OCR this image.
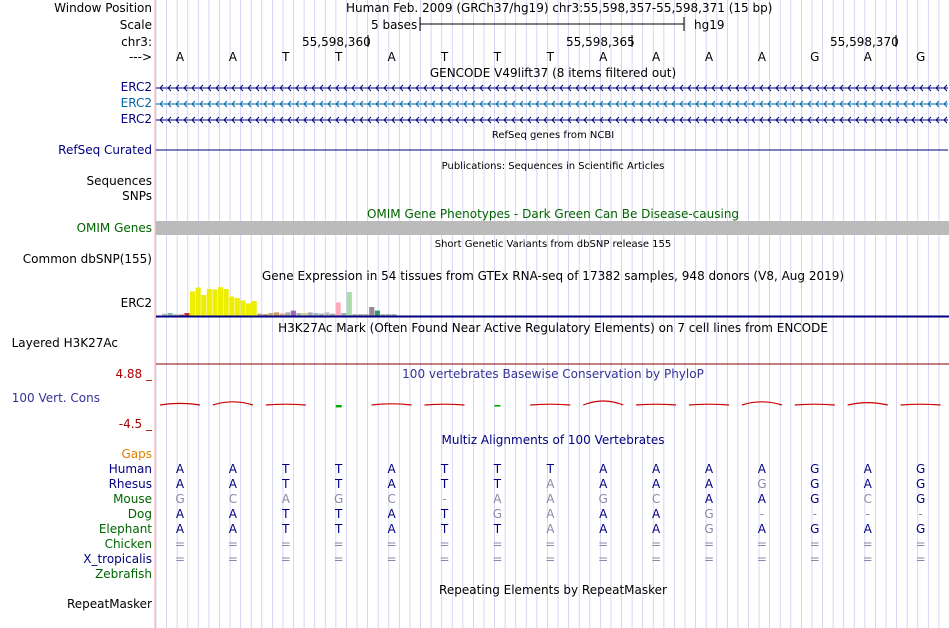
Window Position	Human Feb. 2009 (GRCh37/hg19) chr3:55,598,357-55,598,371 (15 bp)
Scale	5 bases	hg19
chr3:	55,598,360	55,598,365	55,598,370
--->	A	A	T	T	A	T	T	T	A	A	A	A	G	A	G
GENCODE V49lift37 (8 items filtered out)
ERC2
ERC2
ERC2
RefSeq genes from NCBI
RefSeq Curated
Publications: Sequences in Scientific Articles
Sequences
SNPs
OMIM Gene Phenotypes - Dark Green Can Be Disease-causing
OMIM Genes
Short Genetic Variants from dbSNP release 155
Common dbSNP(155)
Gene Expression in 54 tissues from GTEx RNA-seq of 17382 samples, 948 donors (V8, Aug 2019)
ERC2
H3K27Ac Mark (Often Found Near Active Regulatory Elements) on 7 cell lines from ENCODE
Layered H3K27Ac
100 vertebrates Basewise Conservation by PhyloP
4.88 _
100 Vert. Cons
-4.5 _
Multiz Alignments of 100 Vertebrates
Gaps
Human	A	A	T	T	A	T	T	T	A	A	A	A	G	A	G
Rhesus	A	A	T	T	A	T	T	A	A	A	A	G	G	A	G
Mouse	G	C	A	G	C	-	A	A	G	C	A	A	G	C	G
Dog	A	A	T	T	A	T	G	A	A	A	G	-	-	-	-
Elephant	A	A	T	T	A	T	T	A	A	A	G	A	G	A	G
Chicken	=	=	=	=	=	=	=	=	=	=	=	=	=	=	=
X_tropicalis	=	=	=	=	=	=	=	=	=	=	=	=	=	=	=
Zebrafish
Repeating Elements by RepeatMasker
RepeatMasker
